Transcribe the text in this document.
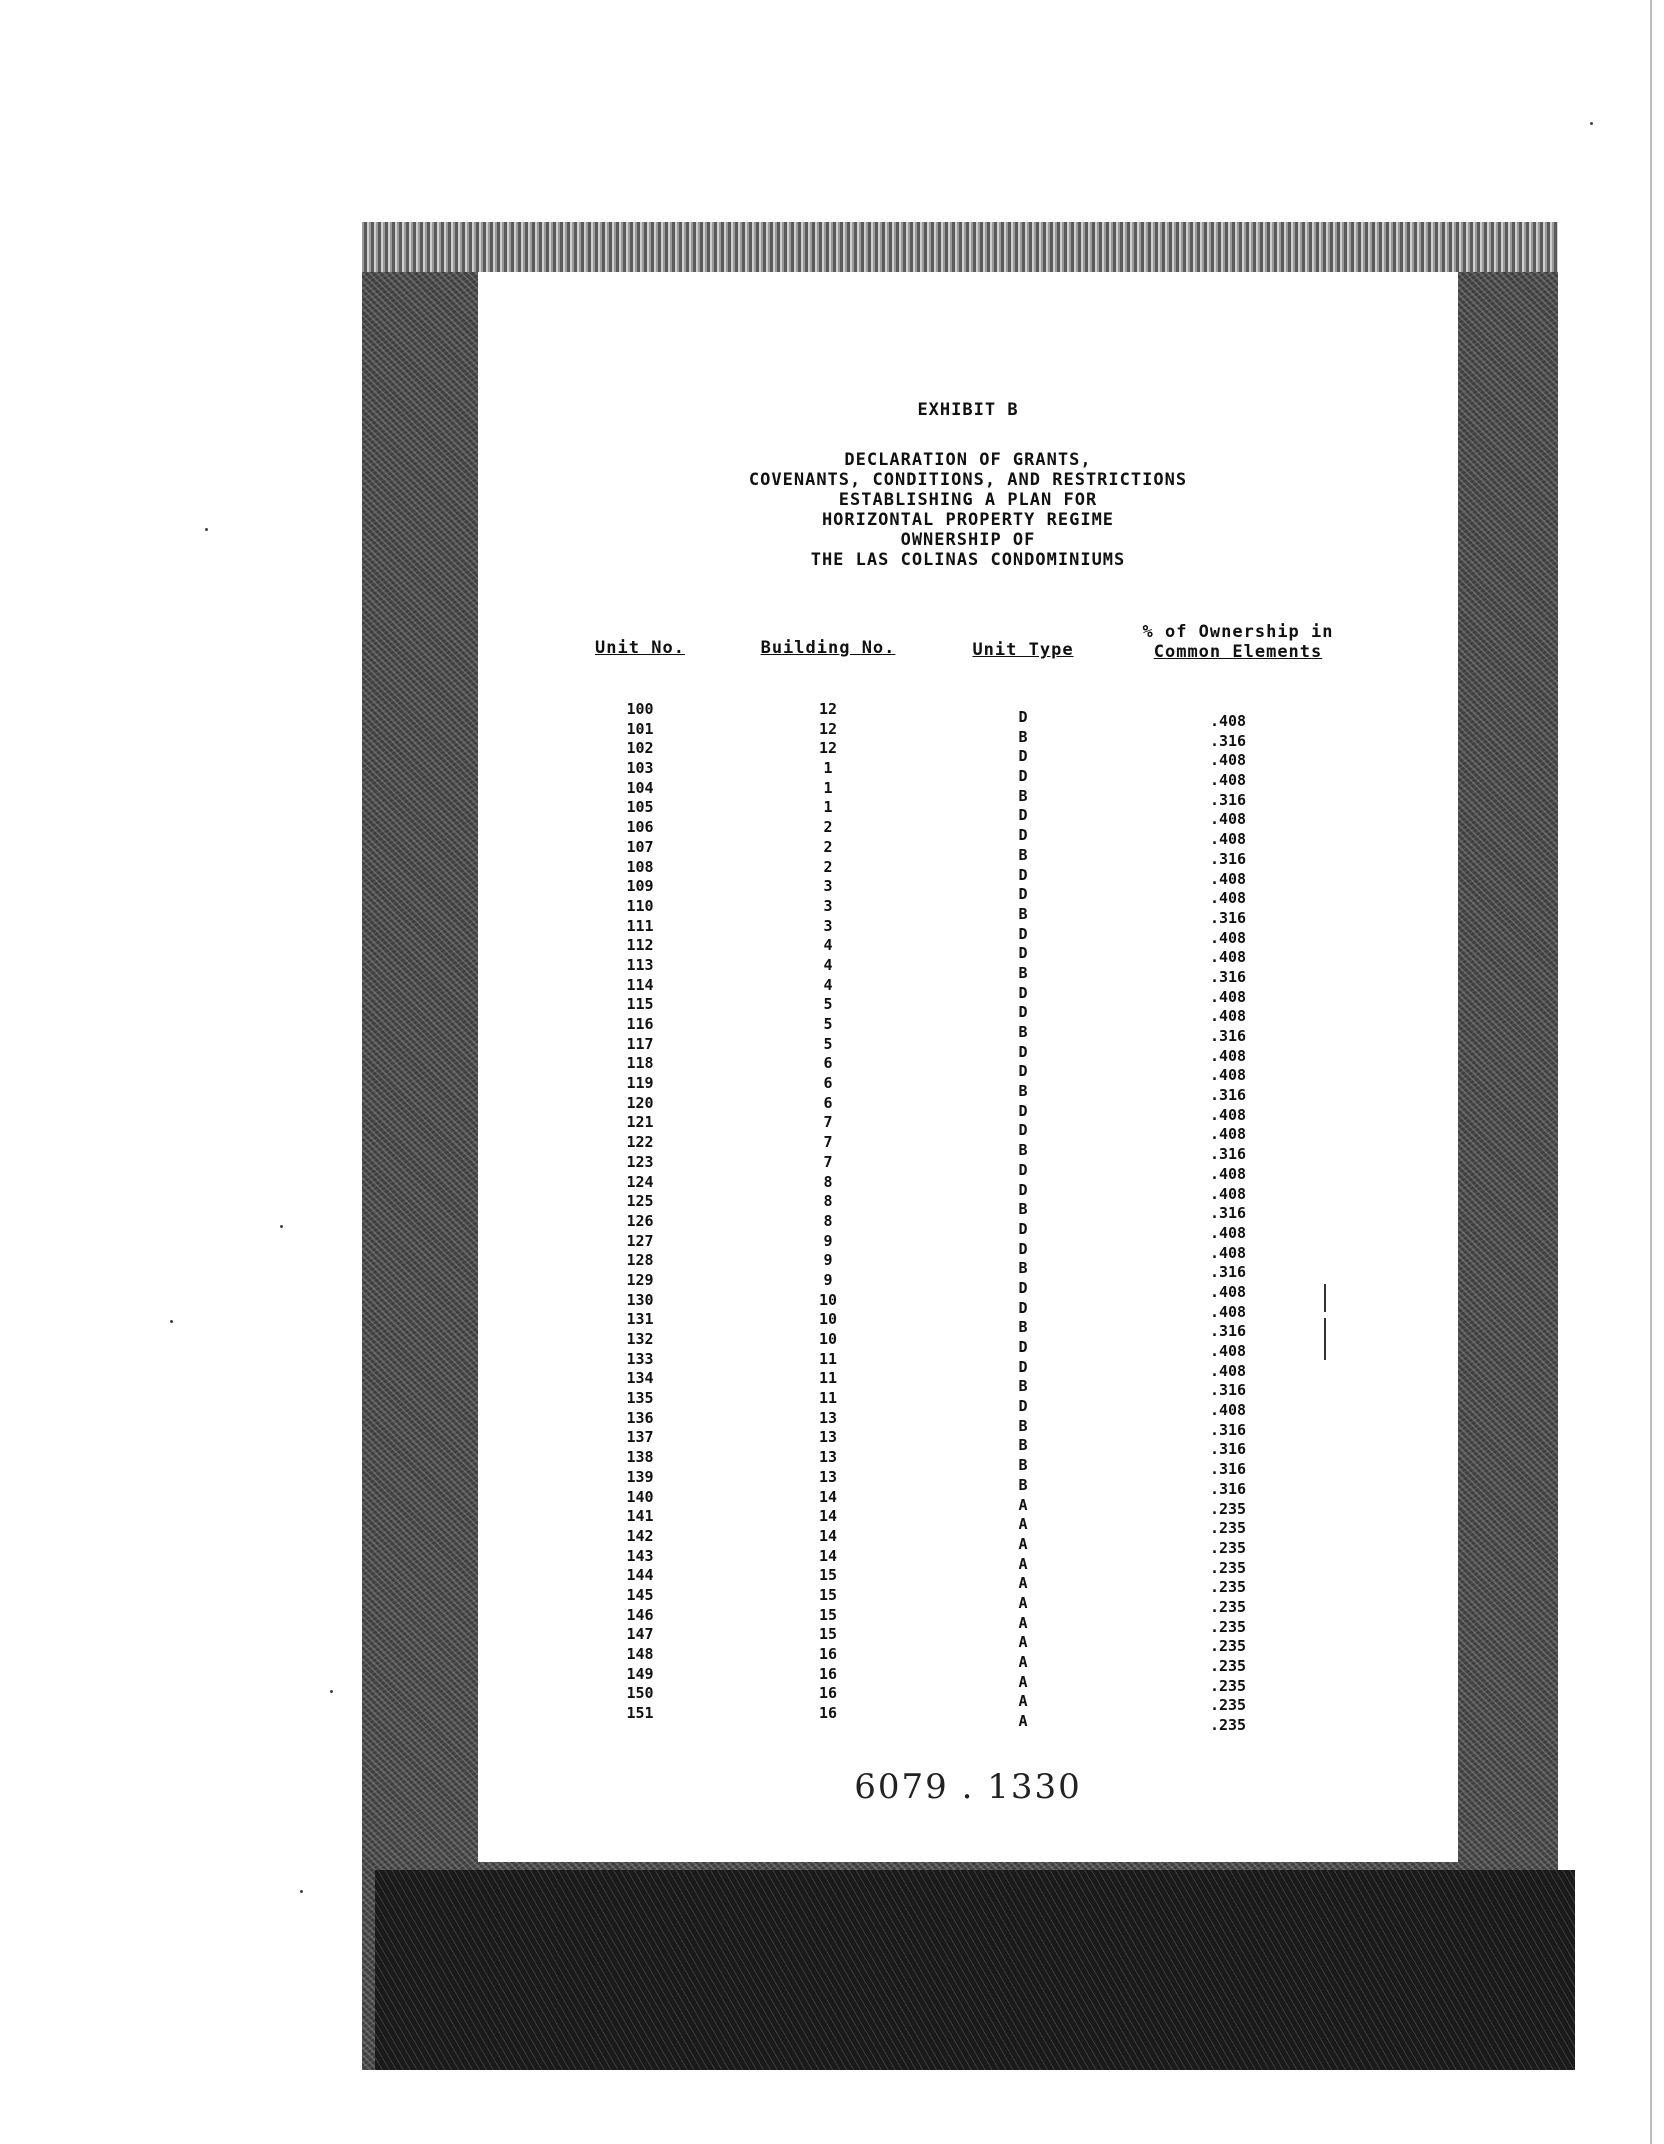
EXHIBIT B
DECLARATION OF GRANTS,
COVENANTS, CONDITIONS, AND RESTRICTIONS
ESTABLISHING A PLAN FOR
HORIZONTAL PROPERTY REGIME
OWNERSHIP OF
THE LAS COLINAS CONDOMINIUMS
Unit No.	Building No.	Unit Type
% of Ownership in
Common Elements
100
101
102
103
104
105
106
107
108
109
110
111
112
113
114
115
116
117
118
119
120
121
122
123
124
125
126
127
128
129
130
131
132
133
134
135
136
137
138
139
140
141
142
143
144
145
146
147
148
149
150
151
12
12
12
1
1
1
2
2
2
3
3
3
4
4
4
5
5
5
6
6
6
7
7
7
8
8
8
9
9
9
10
10
10
11
11
11
13
13
13
13
14
14
14
14
15
15
15
15
16
16
16
16
D
B
D
D
B
D
D
B
D
D
B
D
D
B
D
D
B
D
D
B
D
D
B
D
D
B
D
D
B
D
D
B
D
D
B
D
B
B
B
B
A
A
A
A
A
A
A
A
A
A
A
A
.408
.316
.408
.408
.316
.408
.408
.316
.408
.408
.316
.408
.408
.316
.408
.408
.316
.408
.408
.316
.408
.408
.316
.408
.408
.316
.408
.408
.316
.408
.408
.316
.408
.408
.316
.408
.316
.316
.316
.316
.235
.235
.235
.235
.235
.235
.235
.235
.235
.235
.235
.235
6079 . 1330
